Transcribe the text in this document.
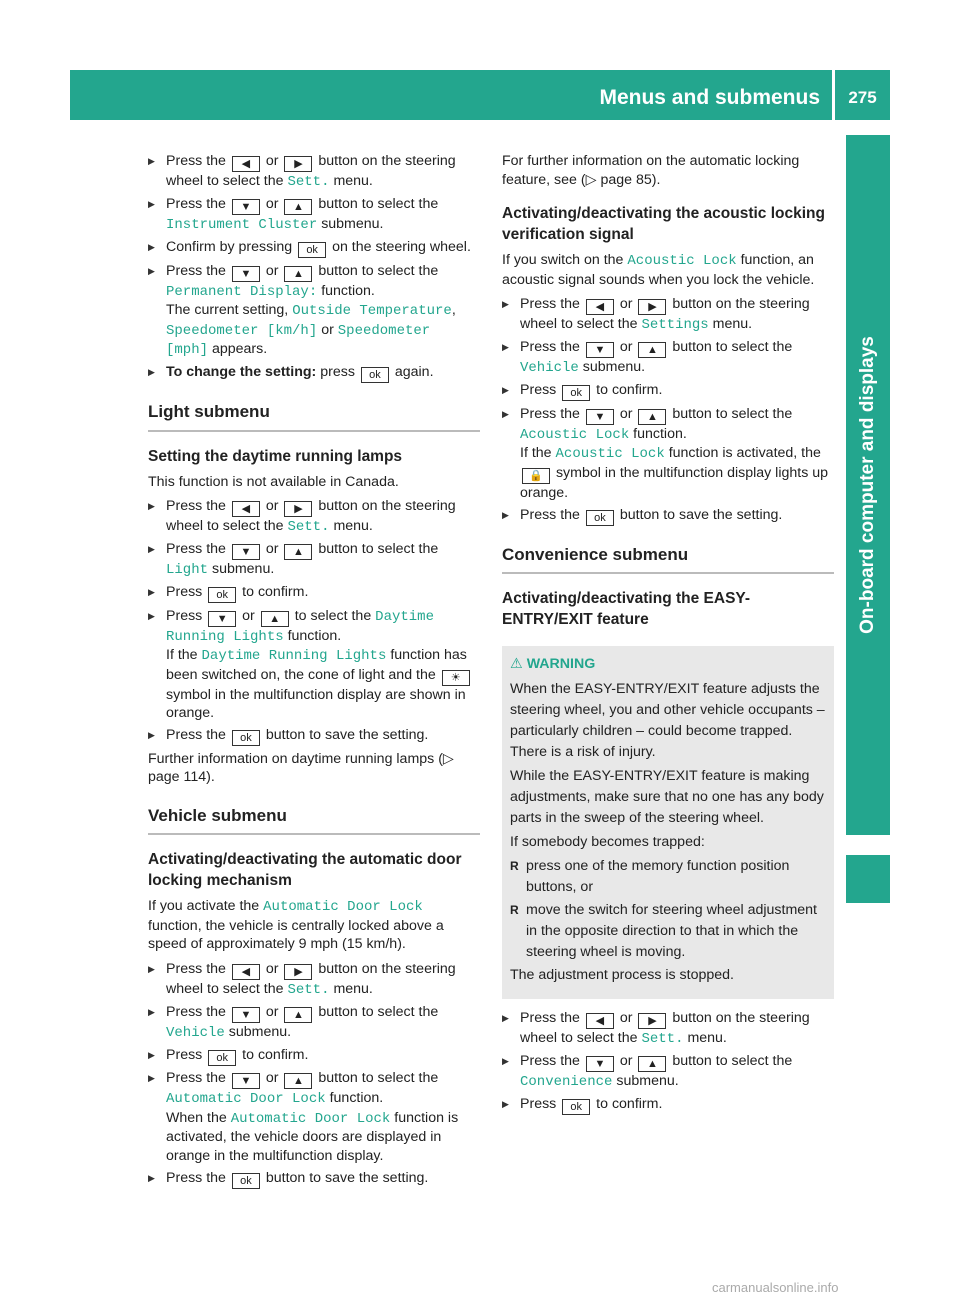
Menus and submenus	275
On-board computer and displays
▶ Press the ◀ or ▶ button on the steering wheel to select the Sett. menu.
▶ Press the ▼ or ▲ button to select the Instrument Cluster submenu.
▶ Confirm by pressing ok on the steering wheel.
▶ Press the ▼ or ▲ button to select the Permanent Display: function.
The current setting, Outside Temperature, Speedometer [km/h] or Speedometer [mph] appears.
▶ To change the setting: press ok again.
Light submenu
Setting the daytime running lamps

This function is not available in Canada.

▶ Press the ◀ or ▶ button on the steering wheel to select the Sett. menu.
▶ Press the ▼ or ▲ button to select the Light submenu.
▶ Press ok to confirm.
▶ Press ▼ or ▲ to select the Daytime Running Lights function.
If the Daytime Running Lights function has been switched on, the cone of light and the ☀ symbol in the multifunction display are shown in orange.
▶ Press the ok button to save the setting.

Further information on daytime running lamps (▷ page 114).

Vehicle submenu
Activating/deactivating the automatic door locking mechanism

If you activate the Automatic Door Lock function, the vehicle is centrally locked above a speed of approximately 9 mph (15 km/h).

▶ Press the ◀ or ▶ button on the steering wheel to select the Sett. menu.
▶ Press the ▼ or ▲ button to select the Vehicle submenu.
▶ Press ok to confirm.
▶ Press the ▼ or ▲ button to select the Automatic Door Lock function.
When the Automatic Door Lock function is activated, the vehicle doors are displayed in orange in the multifunction display.
▶ Press the ok button to save the setting.

For further information on the automatic locking feature, see (▷ page 85).

Activating/deactivating the acoustic locking verification signal

If you switch on the Acoustic Lock function, an acoustic signal sounds when you lock the vehicle.

▶ Press the ◀ or ▶ button on the steering wheel to select the Settings menu.
▶ Press the ▼ or ▲ button to select the Vehicle submenu.
▶ Press ok to confirm.
▶ Press the ▼ or ▲ button to select the Acoustic Lock function.
If the Acoustic Lock function is activated, the 🔒 symbol in the multifunction display lights up orange.
▶ Press the ok button to save the setting.
Convenience submenu
Activating/deactivating the EASY-ENTRY/EXIT feature
⚠ WARNING

When the EASY-ENTRY/EXIT feature adjusts the steering wheel, you and other vehicle occupants – particularly children – could become trapped. There is a risk of injury.

While the EASY-ENTRY/EXIT feature is making adjustments, make sure that no one has any body parts in the sweep of the steering wheel.

If somebody becomes trapped:

R press one of the memory function position buttons, or
R move the switch for steering wheel adjustment in the opposite direction to that in which the steering wheel is moving.

The adjustment process is stopped.

▶ Press the ◀ or ▶ button on the steering wheel to select the Sett. menu.
▶ Press the ▼ or ▲ button to select the Convenience submenu.
▶ Press ok to confirm.
carmanualsonline.info
